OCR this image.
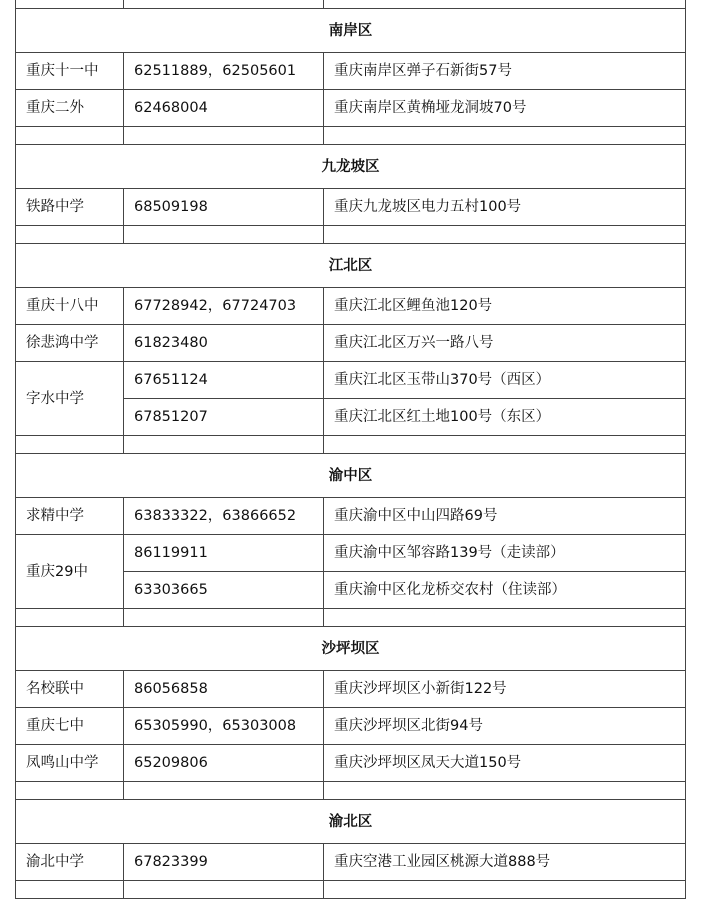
南岸区		
重庆十一中	62511889，62505601	重庆南岸区弹子石新街57号
重庆二外	62468004	重庆南岸区黄桷垭龙洞坡70号

九龙坡区		
铁路中学	68509198	重庆九龙坡区电力五村100号

江北区		
重庆十八中	67728942，67724703	重庆江北区鲤鱼池120号
徐悲鸿中学	61823480	重庆江北区万兴一路八号
字水中学	67651124	重庆江北区玉带山370号（西区）
	67851207	重庆江北区红土地100号（东区）

渝中区		
求精中学	63833322，63866652	重庆渝中区中山四路69号
重庆29中	86119911	重庆渝中区邹容路139号（走读部）
	63303665	重庆渝中区化龙桥交农村（住读部）

沙坪坝区		
名校联中	86056858	重庆沙坪坝区小新街122号
重庆七中	65305990，65303008	重庆沙坪坝区北街94号
凤鸣山中学	65209806	重庆沙坪坝区凤天大道150号

渝北区		
渝北中学	67823399	重庆空港工业园区桃源大道888号
